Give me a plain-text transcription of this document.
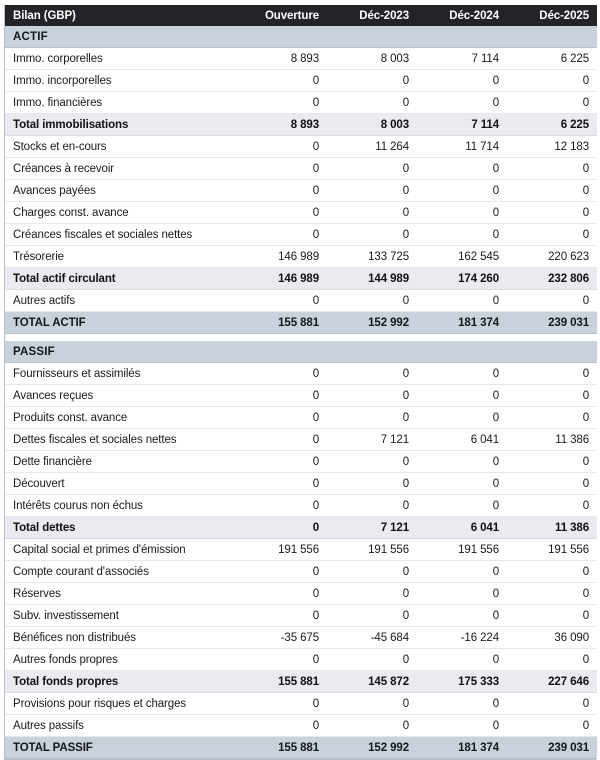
Bilan (GBP)	Ouverture	Déc-2023	Déc-2024	Déc-2025
ACTIF				
Immo. corporelles	8 893	8 003	7 114	6 225
Immo. incorporelles	0	0	0	0
Immo. financières	0	0	0	0
Total immobilisations	8 893	8 003	7 114	6 225
Stocks et en-cours	0	11 264	11 714	12 183
Créances à recevoir	0	0	0	0
Avances payées	0	0	0	0
Charges const. avance	0	0	0	0
Créances fiscales et sociales nettes	0	0	0	0
Trésorerie	146 989	133 725	162 545	220 623
Total actif circulant	146 989	144 989	174 260	232 806
Autres actifs	0	0	0	0
TOTAL ACTIF	155 881	152 992	181 374	239 031

PASSIF				
Fournisseurs et assimilés	0	0	0	0
Avances reçues	0	0	0	0
Produits const. avance	0	0	0	0
Dettes fiscales et sociales nettes	0	7 121	6 041	11 386
Dette financière	0	0	0	0
Découvert	0	0	0	0
Intérêts courus non échus	0	0	0	0
Total dettes	0	7 121	6 041	11 386
Capital social et primes d'émission	191 556	191 556	191 556	191 556
Compte courant d'associés	0	0	0	0
Réserves	0	0	0	0
Subv. investissement	0	0	0	0
Bénéfices non distribués	-35 675	-45 684	-16 224	36 090
Autres fonds propres	0	0	0	0
Total fonds propres	155 881	145 872	175 333	227 646
Provisions pour risques et charges	0	0	0	0
Autres passifs	0	0	0	0
TOTAL PASSIF	155 881	152 992	181 374	239 031
